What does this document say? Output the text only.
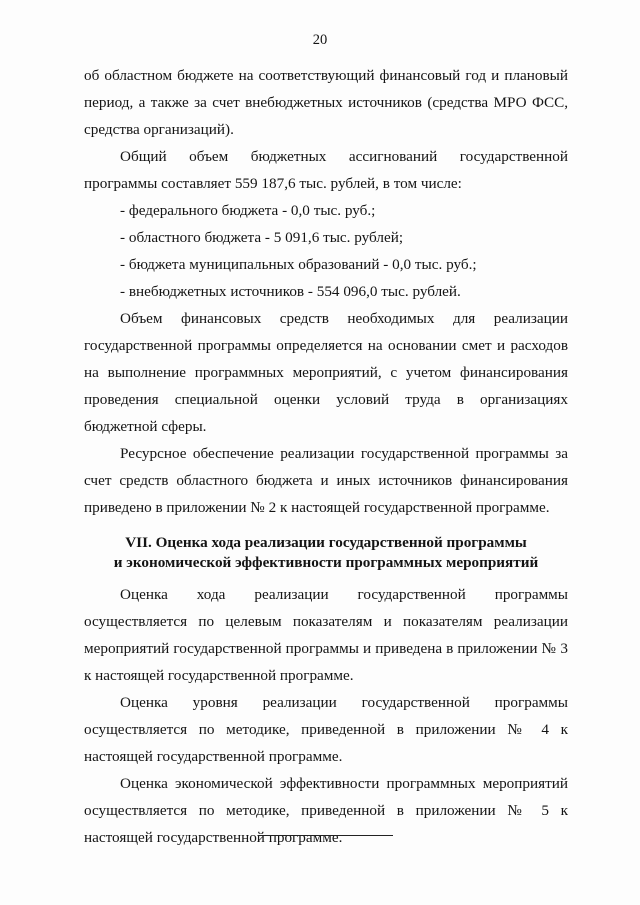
20

об областном бюджете на соответствующий финансовый год и плановый период, а также за счет внебюджетных источников (средства МРО ФСС, средства организаций).

Общий объем бюджетных ассигнований государственной программы составляет 559 187,6 тыс. рублей, в том числе:

- федерального бюджета - 0,0 тыс. руб.;

- областного бюджета - 5 091,6 тыс. рублей;

- бюджета муниципальных образований - 0,0 тыс. руб.;

- внебюджетных источников - 554 096,0 тыс. рублей.

Объем финансовых средств необходимых для реализации государственной программы определяется на основании смет и расходов на выполнение программных мероприятий, с учетом финансирования проведения специальной оценки условий труда в организациях бюджетной сферы.

Ресурсное обеспечение реализации государственной программы за счет средств областного бюджета и иных источников финансирования приведено в приложении № 2 к настоящей государственной программе.

VII. Оценка хода реализации государственной программы
и экономической эффективности программных мероприятий

Оценка хода реализации государственной программы осуществляется по целевым показателям и показателям реализации мероприятий государственной программы и приведена в приложении № 3 к настоящей государственной программе.

Оценка уровня реализации государственной программы осуществляется по методике, приведенной в приложении № 4 к настоящей государственной программе.

Оценка экономической эффективности программных мероприятий осуществляется по методике, приведенной в приложении № 5 к настоящей государственной программе.
